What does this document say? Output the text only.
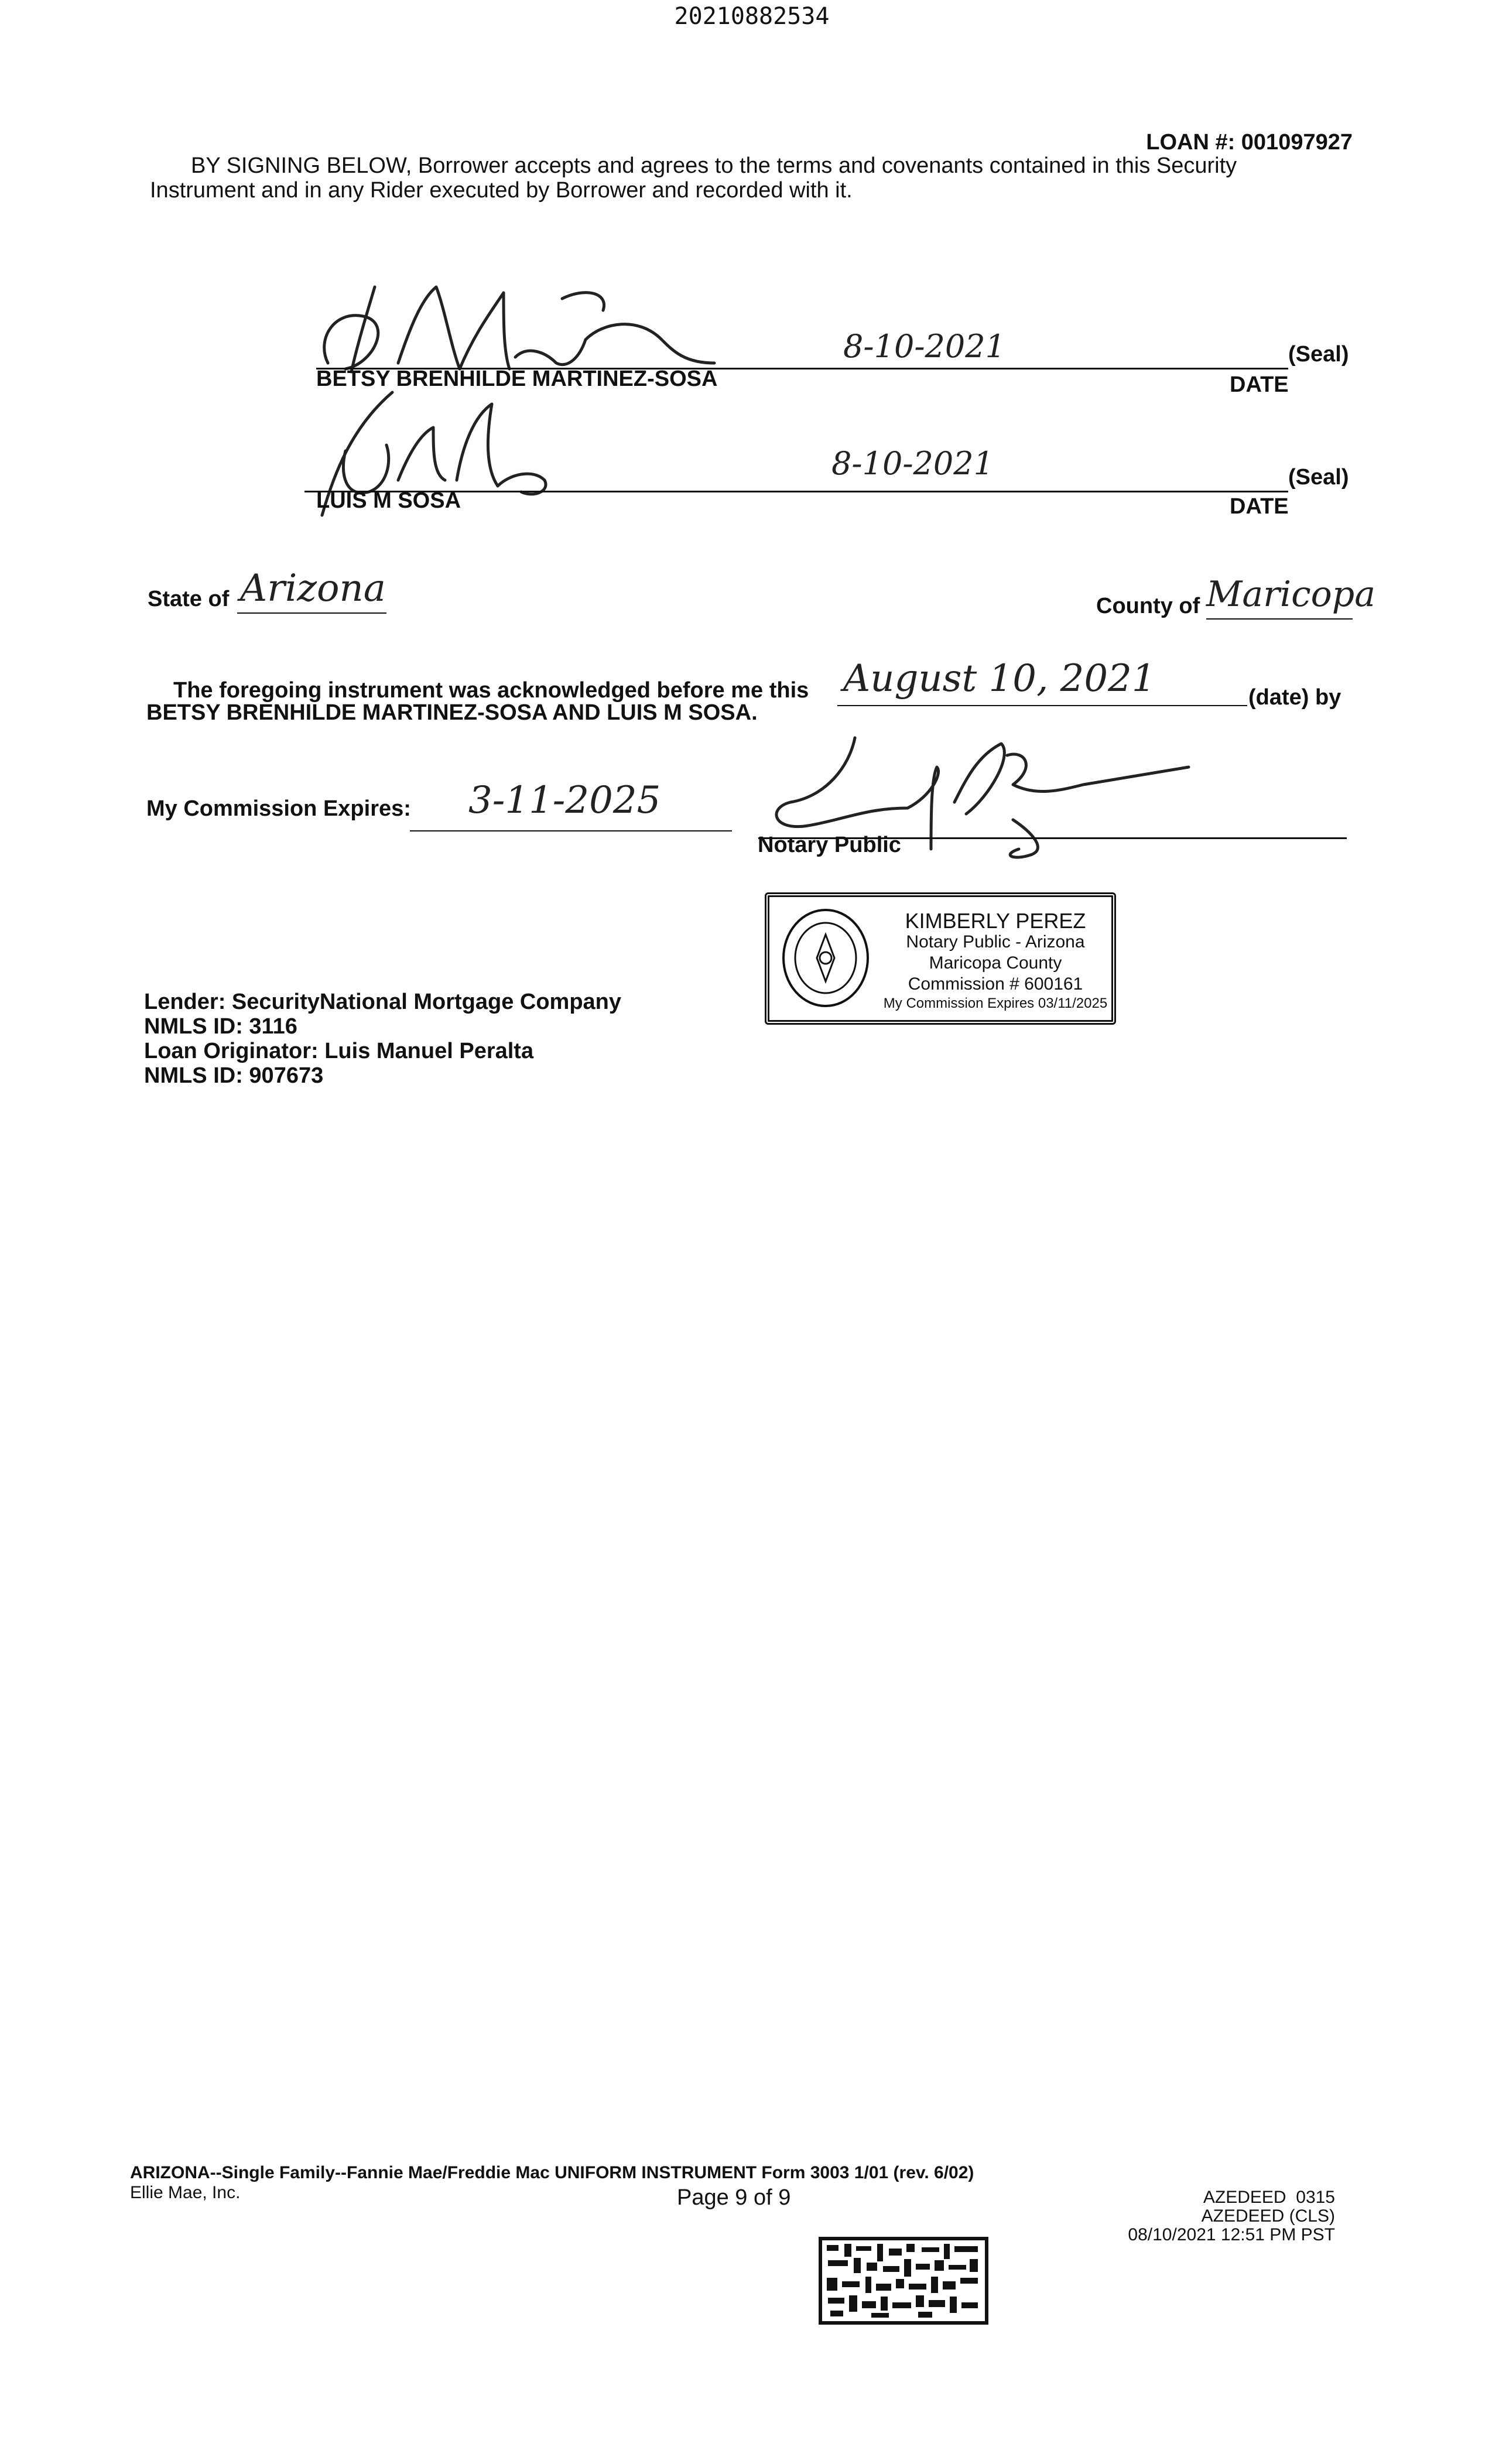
20210882534
LOAN #: 001097927
BY SIGNING BELOW, Borrower accepts and agrees to the terms and covenants contained in this Security
Instrument and in any Rider executed by Borrower and recorded with it.
8-10-2021	(Seal)
BETSY BRENHILDE MARTINEZ-SOSA	DATE
8-10-2021	(Seal)
LUIS M SOSA	DATE
State of Arizona	County of Maricopa
The foregoing instrument was acknowledged before me this August 10, 2021	(date) by
BETSY BRENHILDE MARTINEZ-SOSA AND LUIS M SOSA.
My Commission Expires: 3-11-2025
Notary Public
KIMBERLY PEREZ
Notary Public - Arizona
Maricopa County
Commission # 600161
My Commission Expires 03/11/2025
Lender: SecurityNational Mortgage Company
NMLS ID: 3116
Loan Originator: Luis Manuel Peralta
NMLS ID: 907673
ARIZONA--Single Family--Fannie Mae/Freddie Mac UNIFORM INSTRUMENT Form 3003 1/01 (rev. 6/02)
Ellie Mae, Inc.	Page 9 of 9	AZEDEED  0315
AZEDEED (CLS)
08/10/2021 12:51 PM PST
